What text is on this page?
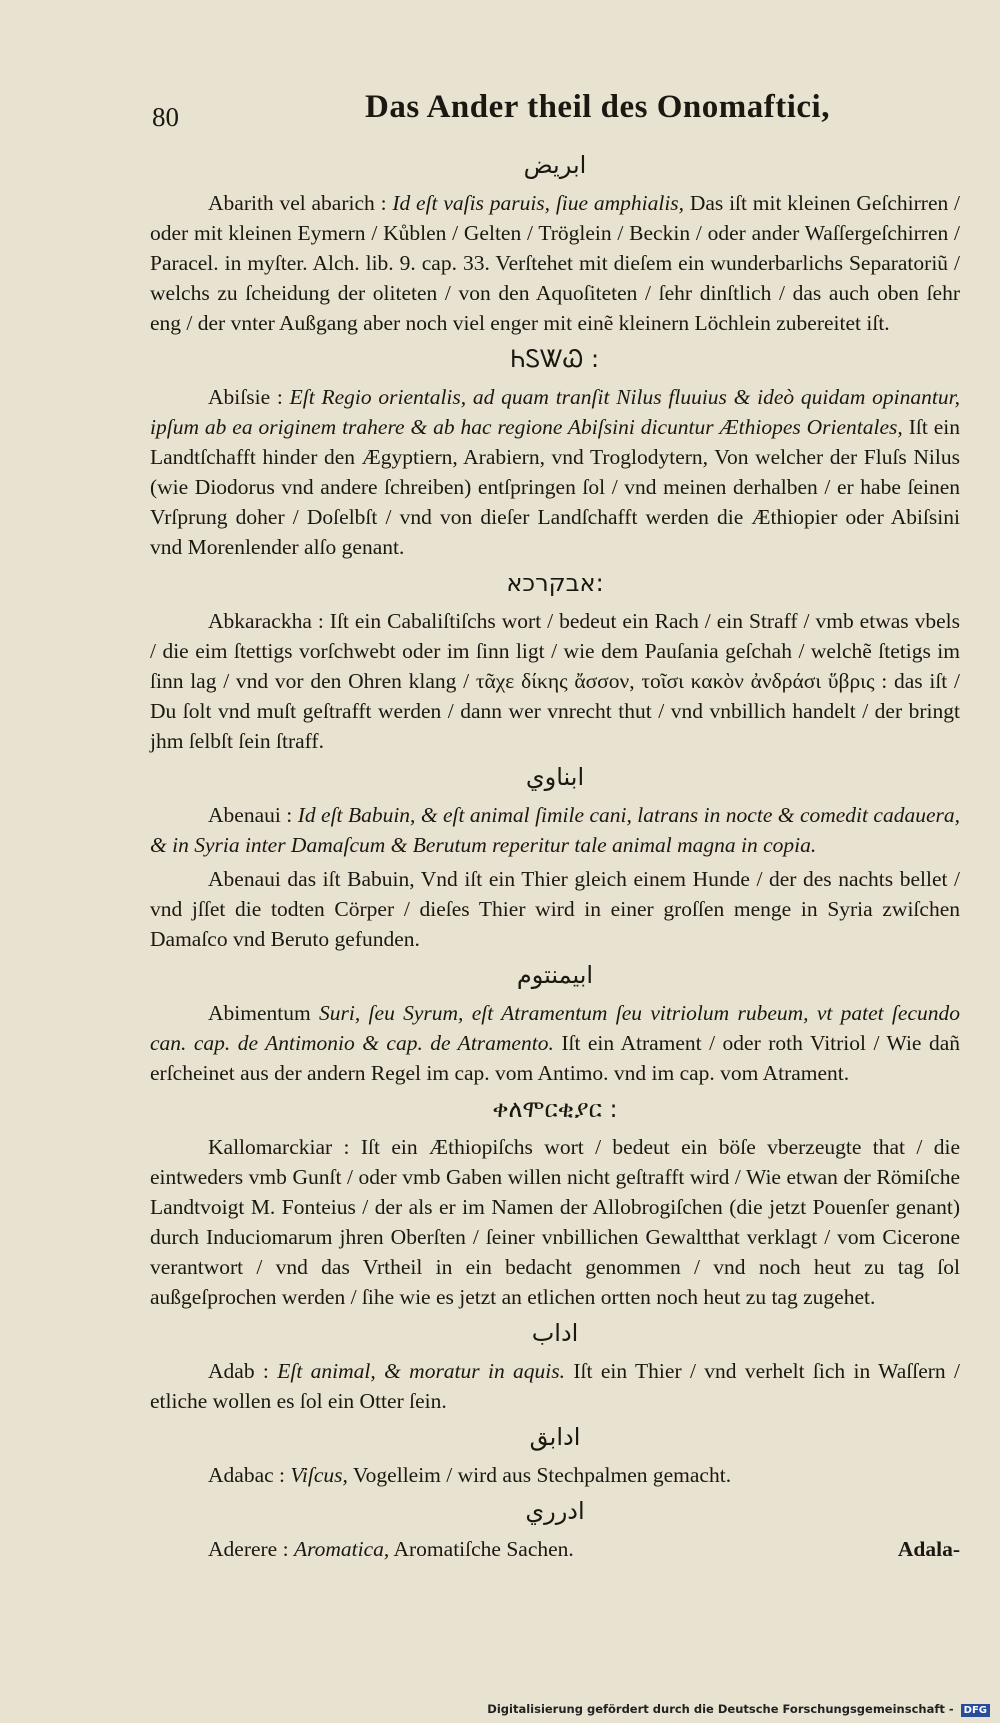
80	Das Ander theil des Onomaftici,
ابريض

Abarith vel abarich : Id eſt vaſis paruis, ſiue amphialis, Das iſt mit kleinen Geſchirren / oder mit kleinen Eymern / Kůblen / Gelten / Tröglein / Beckin / oder ander Waſſergeſchirren / Paracel. in myſter. Alch. lib. 9. cap. 33. Verſtehet mit dieſem ein wunderbarlichs Separatoriũ / welchs zu ſcheidung der oliteten / von den Aquoſiteten / ſehr dinſtlich / das auch oben ſehr eng / der vnter Außgang aber noch viel enger mit einẽ kleinern Löchlein zubereitet iſt.

ᏂᏚᏔᏇ :

Abiſsie : Eſt Regio orientalis, ad quam tranſit Nilus fluuius & ideò quidam opinantur, ipſum ab ea originem trahere & ab hac regione Abiſsini dicuntur Æthiopes Orientales, Iſt ein Landtſchafft hinder den Ægyptiern, Arabiern, vnd Troglodytern, Von welcher der Fluſs Nilus (wie Diodorus vnd andere ſchreiben) entſpringen ſol / vnd meinen derhalben / er habe ſeinen Vrſprung doher / Doſelbſt / vnd von dieſer Landſchafft werden die Æthiopier oder Abiſsini vnd Morenlender alſo genant.

אבקרכא:

Abkarackha : Iſt ein Cabaliſtiſchs wort / bedeut ein Rach / ein Straff / vmb etwas vbels / die eim ſtettigs vorſchwebt oder im ſinn ligt / wie dem Pauſania geſchah / welchẽ ſtetigs im ſinn lag / vnd vor den Ohren klang / τᾶχε δίκης ἄσσον, τοῖσι κακὸν ἀνδράσι ὕβρις : das iſt / Du ſolt vnd muſt geſtrafft werden / dann wer vnrecht thut / vnd vnbillich handelt / der bringt jhm ſelbſt ſein ſtraff.

ابناوي

Abenaui : Id eſt Babuin, & eſt animal ſimile cani, latrans in nocte & comedit cadauera, & in Syria inter Damaſcum & Berutum reperitur tale animal magna in copia.

Abenaui das iſt Babuin, Vnd iſt ein Thier gleich einem Hunde / der des nachts bellet / vnd jſſet die todten Cörper / dieſes Thier wird in einer groſſen menge in Syria zwiſchen Damaſco vnd Beruto gefunden.

ابيمنتوم

Abimentum Suri, ſeu Syrum, eſt Atramentum ſeu vitriolum rubeum, vt patet ſecundo can. cap. de Antimonio & cap. de Atramento. Iſt ein Atrament / oder roth Vitriol / Wie dañ erſcheinet aus der andern Regel im cap. vom Antimo. vnd im cap. vom Atrament.

ቀለሞርቂያር :

Kallomarckiar : Iſt ein Æthiopiſchs wort / bedeut ein böſe vberzeugte that / die eintweders vmb Gunſt / oder vmb Gaben willen nicht geſtrafft wird / Wie etwan der Römiſche Landtvoigt M. Fonteius / der als er im Namen der Allobrogiſchen (die jetzt Pouenſer genant) durch Induciomarum jhren Oberſten / ſeiner vnbillichen Gewaltthat verklagt / vom Cicerone verantwort / vnd das Vrtheil in ein bedacht genommen / vnd noch heut zu tag ſol außgeſprochen werden / ſihe wie es jetzt an etlichen ortten noch heut zu tag zugehet.

اداب

Adab : Eſt animal, & moratur in aquis. Iſt ein Thier / vnd verhelt ſich in Waſſern / etliche wollen es ſol ein Otter ſein.

ادابق

Adabac : Viſcus, Vogelleim / wird aus Stechpalmen gemacht.

ادرري

Aderere : Aromatica, Aromatiſche Sachen.	Adala-

Digitalisierung gefördert durch die Deutsche Forschungsgemeinschaft - DFG
